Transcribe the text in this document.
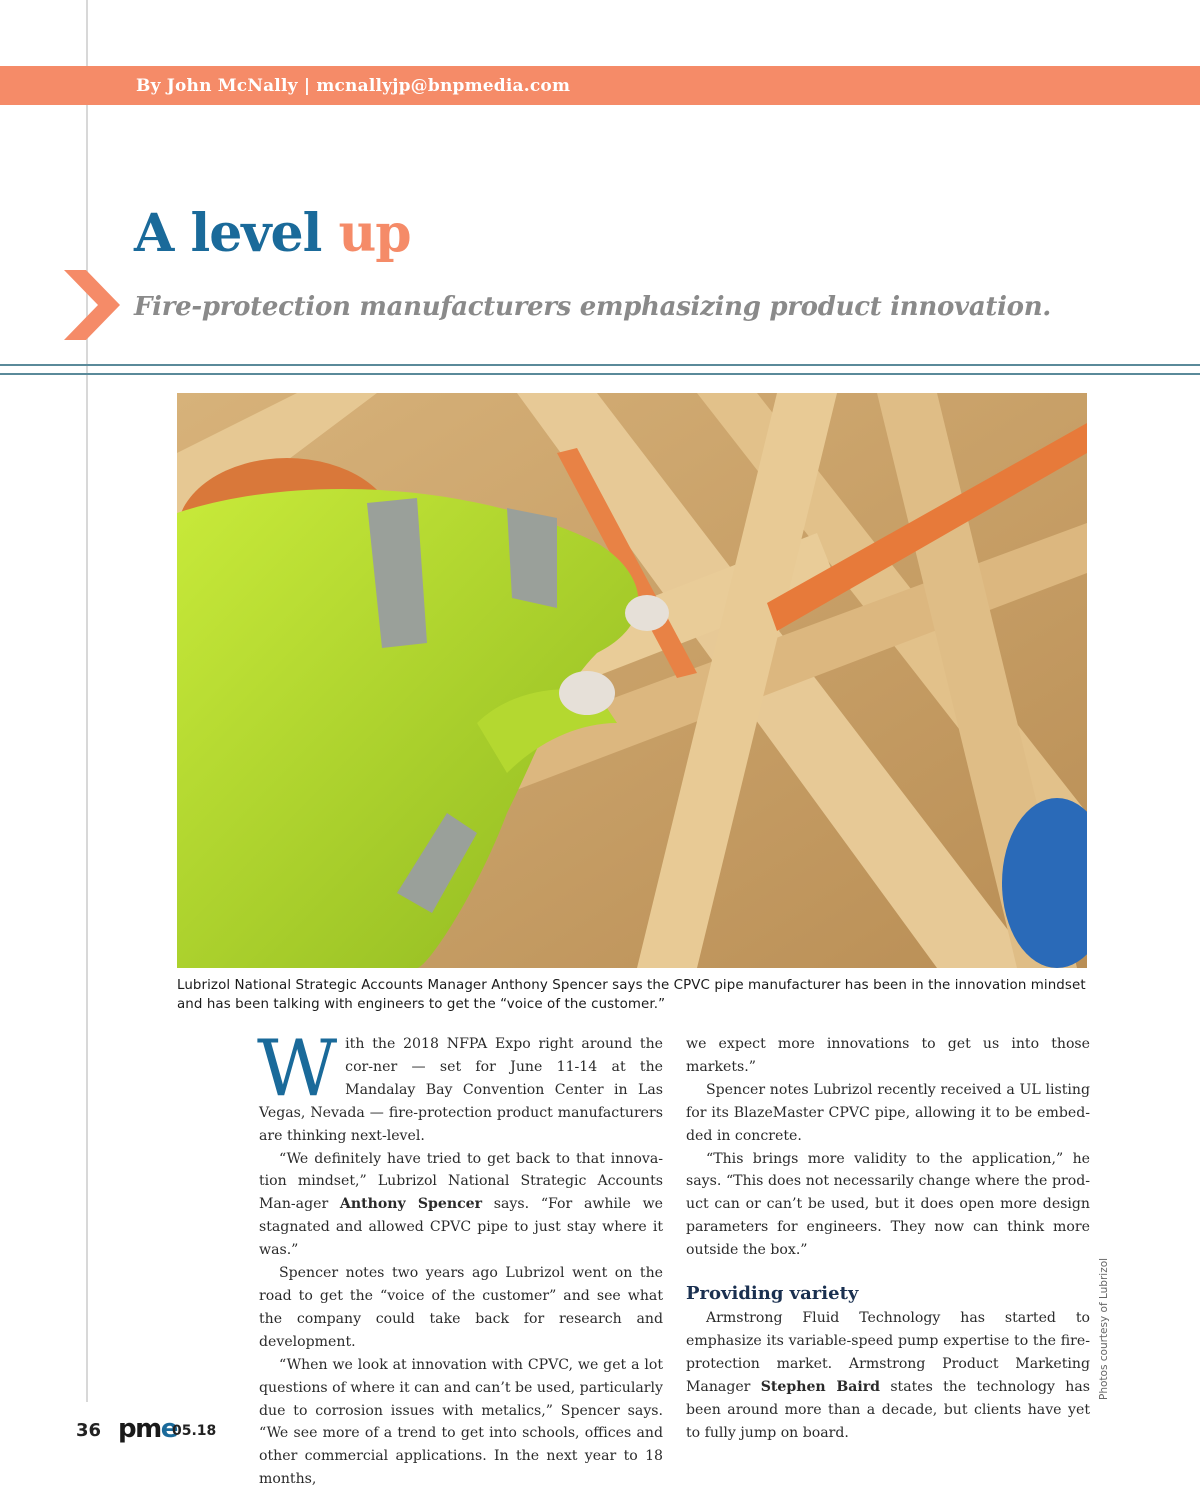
By John McNally | mcnallyjp@bnpmedia.com
A level up
Fire-protection manufacturers emphasizing product innovation.
Lubrizol National Strategic Accounts Manager Anthony Spencer says the CPVC pipe manufacturer has been in the innovation mindset and has been talking with engineers to get the “voice of the customer.”

With the 2018 NFPA Expo right around the cor-ner — set for June 11-14 at the Mandalay Bay Convention Center in Las Vegas, Nevada — fire-protection product manufacturers are thinking next-level.

“We definitely have tried to get back to that innova-tion mindset,” Lubrizol National Strategic Accounts Man-ager Anthony Spencer says. “For awhile we stagnated and allowed CPVC pipe to just stay where it was.”

Spencer notes two years ago Lubrizol went on the road to get the “voice of the customer” and see what the company could take back for research and development.

“When we look at innovation with CPVC, we get a lot questions of where it can and can’t be used, particularly due to corrosion issues with metalics,” Spencer says. “We see more of a trend to get into schools, offices and other commercial applications. In the next year to 18 months,

we expect more innovations to get us into those markets.”

Spencer notes Lubrizol recently received a UL listing for its BlazeMaster CPVC pipe, allowing it to be embed-ded in concrete.

“This brings more validity to the application,” he says. “This does not necessarily change where the prod-uct can or can’t be used, but it does open more design parameters for engineers. They now can think more outside the box.”

Providing variety

Armstrong Fluid Technology has started to emphasize its variable-speed pump expertise to the fire-protection market. Armstrong Product Marketing Manager Stephen Baird states the technology has been around more than a decade, but clients have yet to fully jump on board.

Photos courtesy of Lubrizol
36 pme
05.18
